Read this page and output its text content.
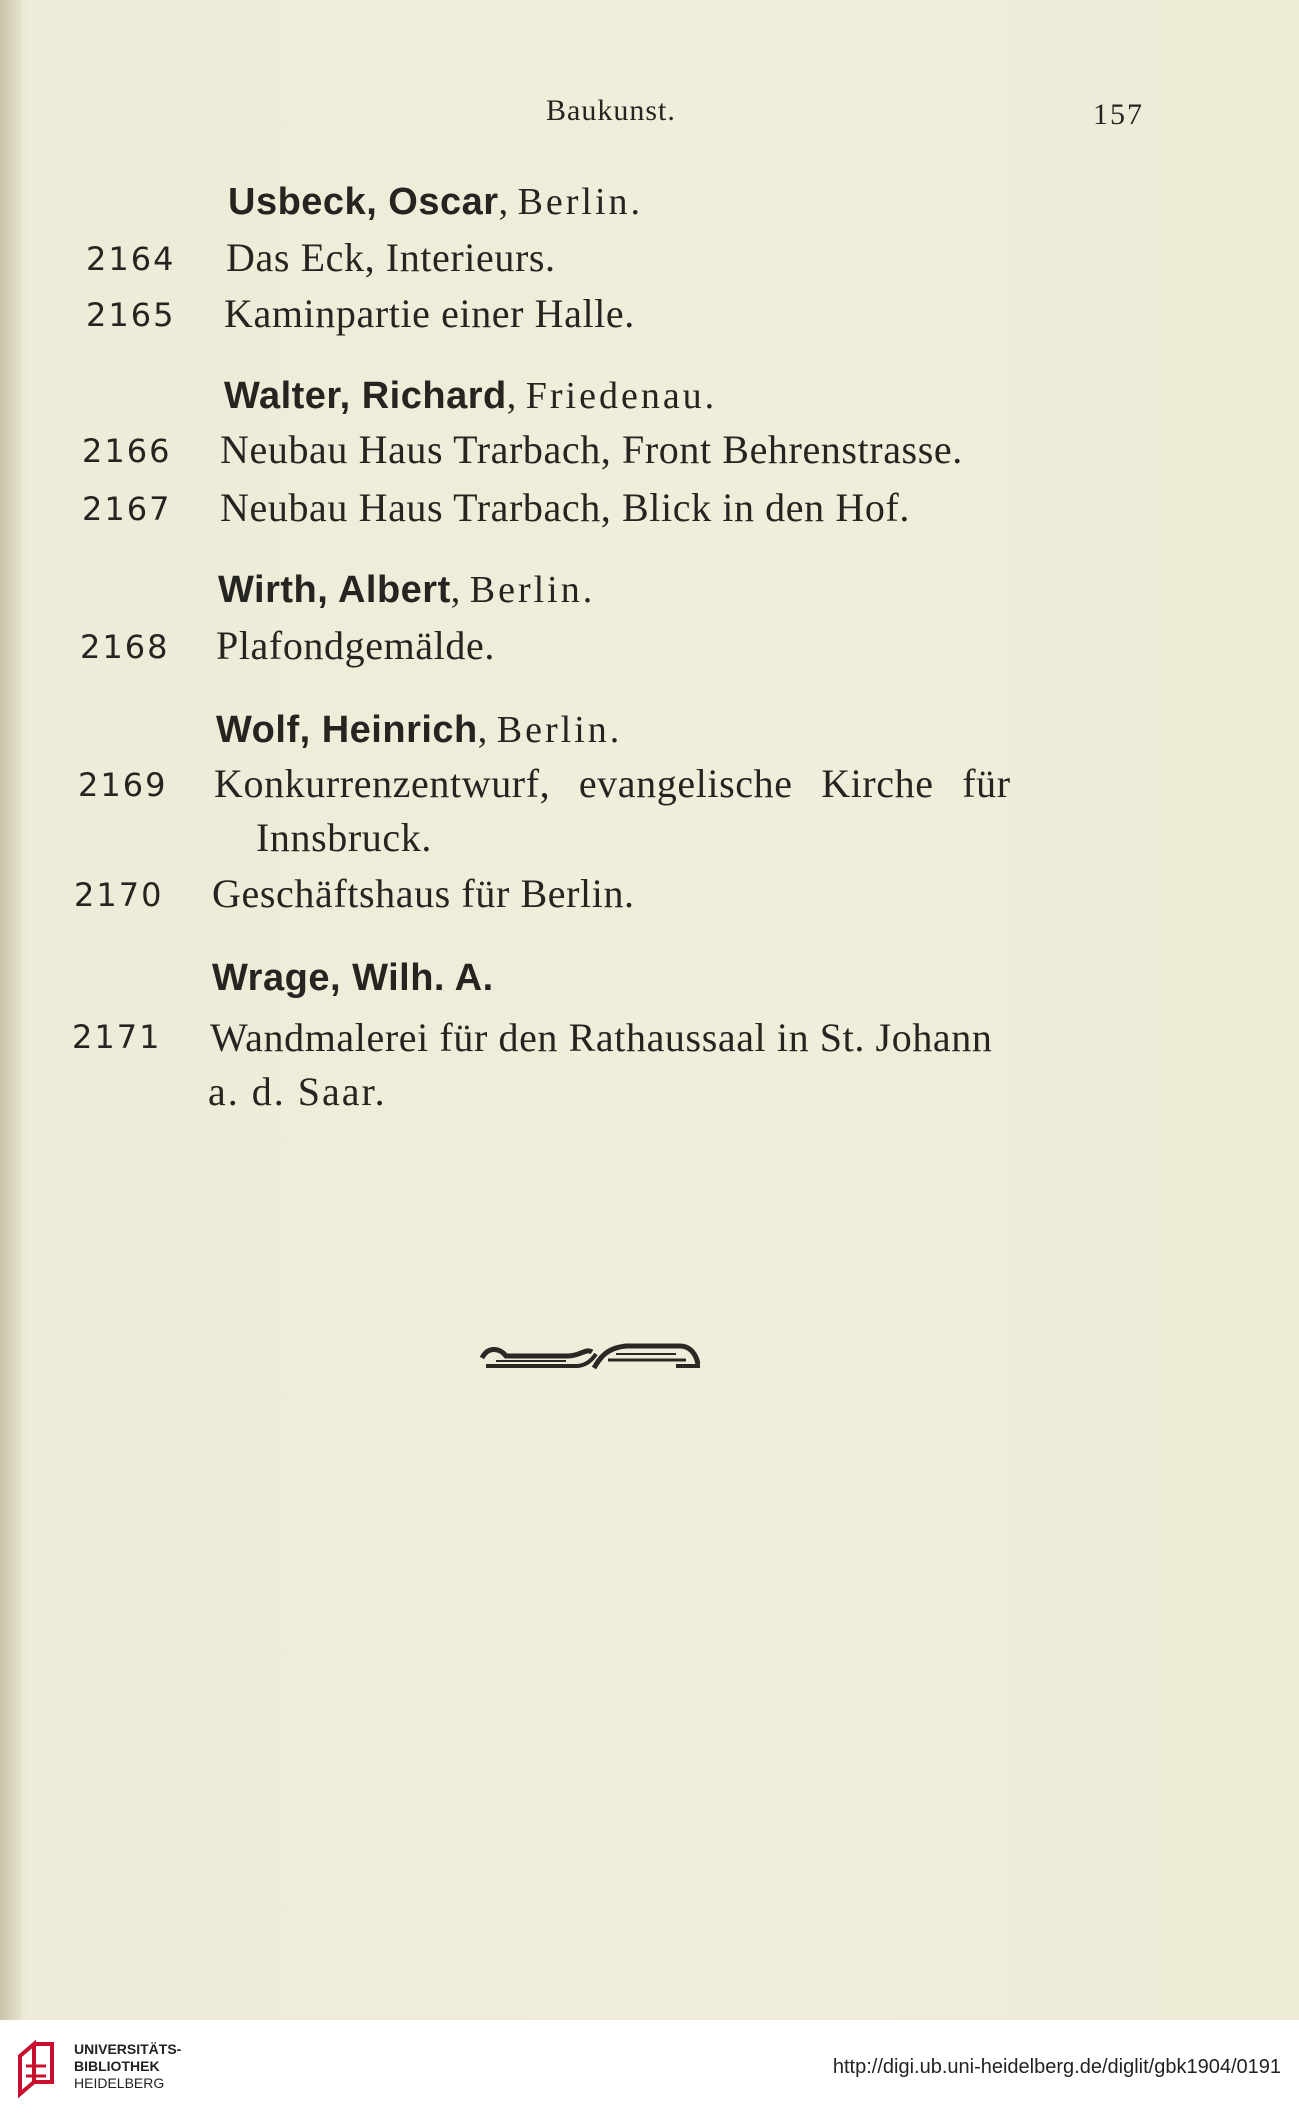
Baukunst.	157
Usbeck, Oscar, Berlin.
2164	Das Eck, Interieurs.
2165	Kaminpartie einer Halle.
Walter, Richard, Friedenau.
2166	Neubau Haus Trarbach, Front Behrenstrasse.
2167	Neubau Haus Trarbach, Blick in den Hof.
Wirth, Albert, Berlin.
2168	Plafondgemälde.
Wolf, Heinrich, Berlin.
2169	Konkurrenzentwurf, evangelische Kirche für
Innsbruck.
2170	Geschäftshaus für Berlin.
Wrage, Wilh. A.
2171	Wandmalerei für den Rathaussaal in St. Johann
a. d. Saar.
UNIVERSITÄTS-
BIBLIOTHEK
HEIDELBERG
http://digi.ub.uni-heidelberg.de/diglit/gbk1904/0191
